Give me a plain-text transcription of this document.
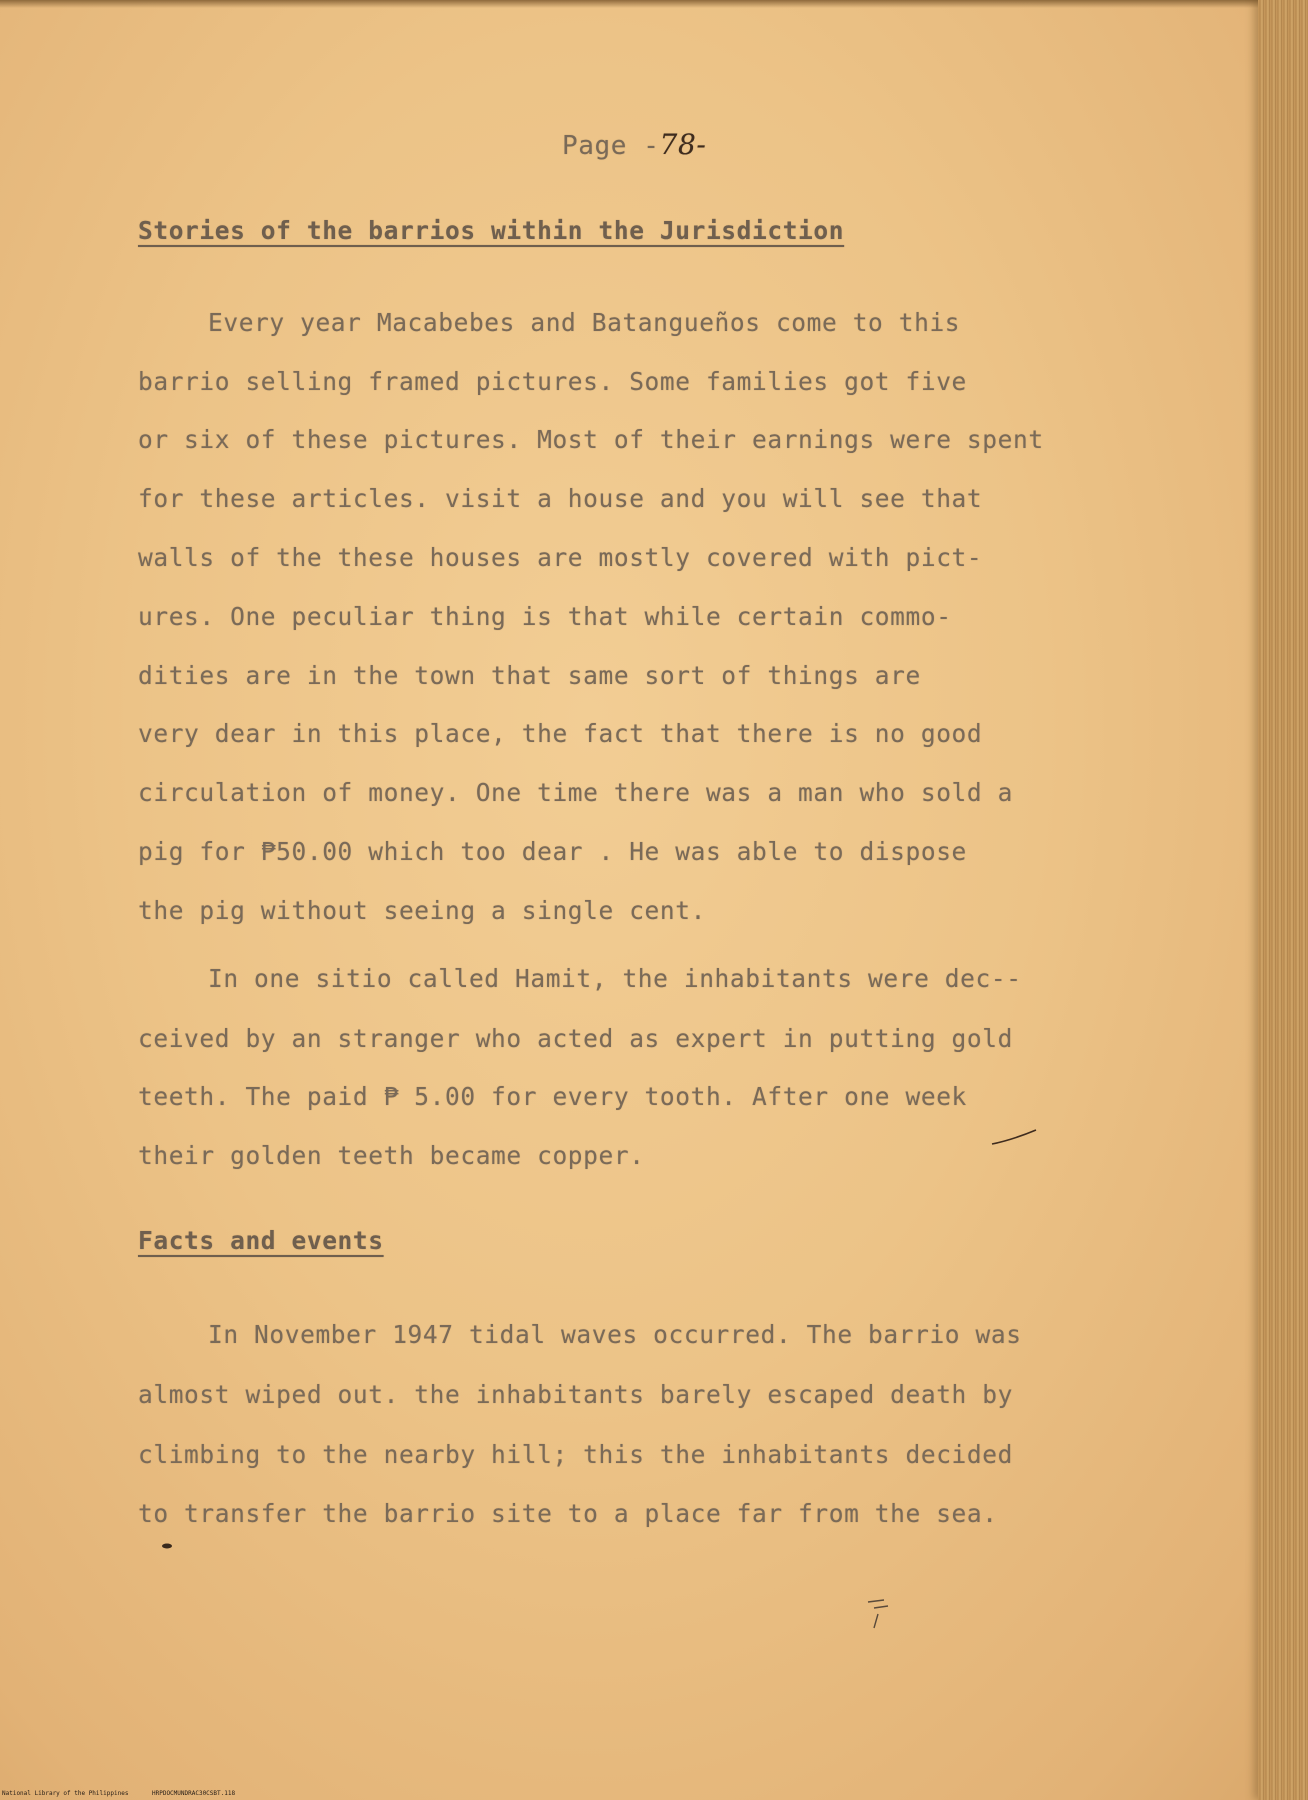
Page -78-
Stories of the barrios within the Jurisdiction

Every year Macabebes and Batangueños come to this

barrio selling framed pictures. Some families got five

or six of these pictures. Most of their earnings were spent

for these articles. visit a house and you will see that

walls of the these houses are mostly covered with pict-

ures. One peculiar thing is that while certain commo-

dities are in the town that same sort of things are

very dear in this place, the fact that there is no good

circulation of money. One time there was a man who sold a

pig for ₱50.00 which too dear . He was able to dispose

the pig without seeing a single cent.

In one sitio called Hamit, the inhabitants were dec--

ceived by an stranger who acted as expert in putting gold

teeth. The paid ₱ 5.00 for every tooth. After one week

their golden teeth became copper.

Facts and events

In November 1947 tidal waves occurred. The barrio was

almost wiped out. the inhabitants barely escaped death by

climbing to the nearby hill; this the inhabitants decided

to transfer the barrio site to a place far from the sea.

National Library of the Philippines	HRPDOCMUNDRAC30CSBT.118
